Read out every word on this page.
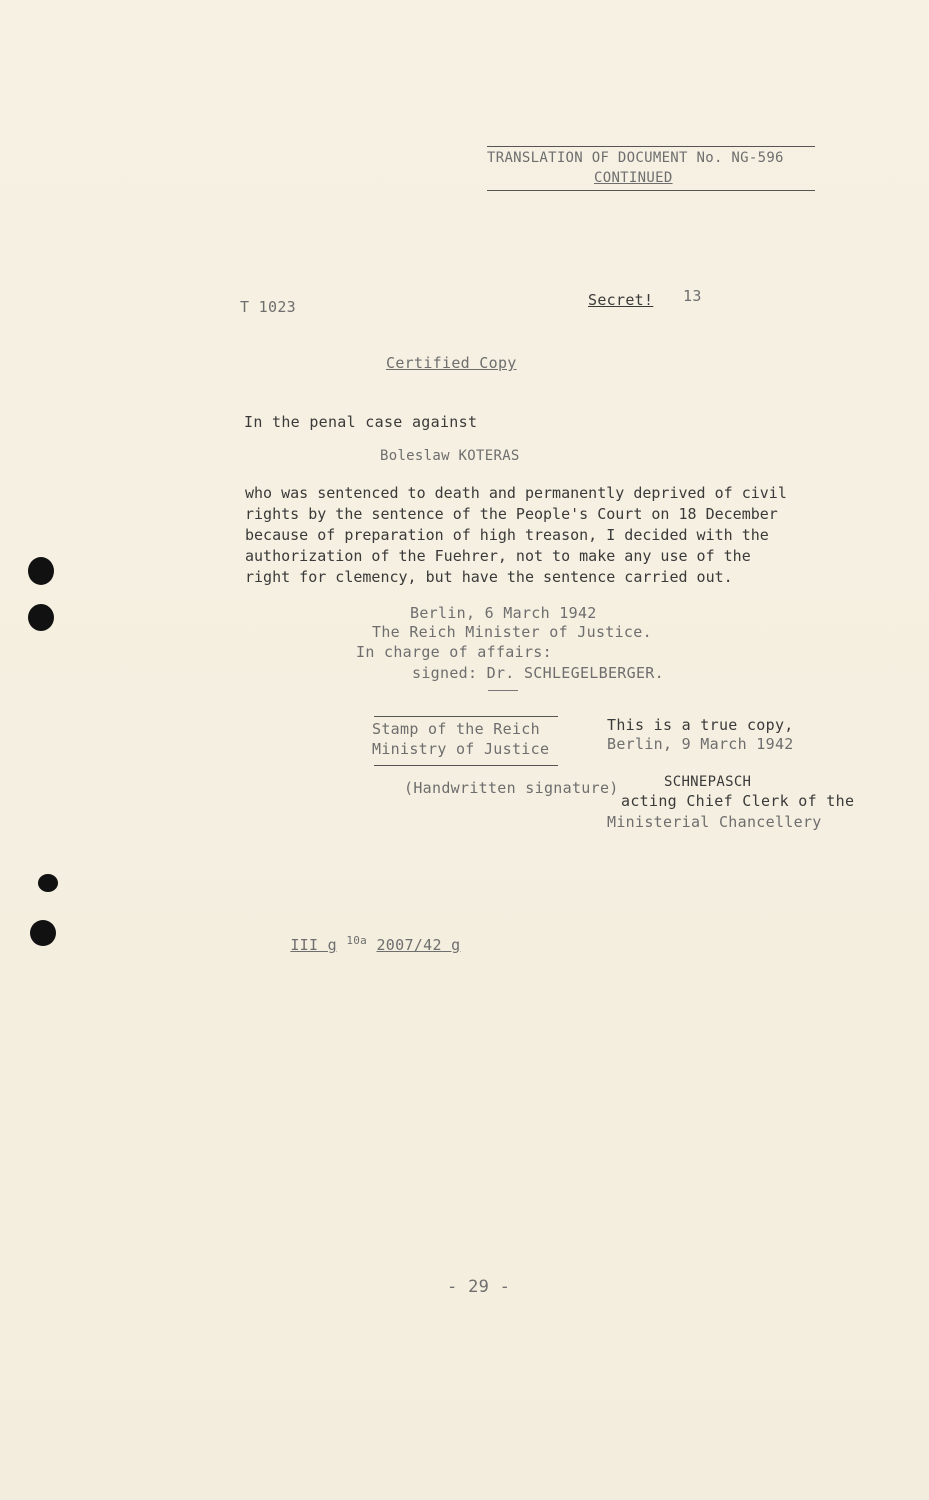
TRANSLATION OF DOCUMENT No. NG-596
CONTINUED
T 1023	Secret! 13
Certified Copy
In the penal case against
Boleslaw KOTERAS
who was sentenced to death and permanently deprived of civil
rights by the sentence of the People's Court on 18 December
because of preparation of high treason, I decided with the
authorization of the Fuehrer, not to make any use of the
right for clemency, but have the sentence carried out.
Berlin, 6 March 1942
The Reich Minister of Justice.
In charge of affairs:
signed: Dr. SCHLEGELBERGER.
Stamp of the Reich
Ministry of Justice
This is a true copy,
Berlin, 9 March 1942
(Handwritten signature)	SCHNEPASCH
acting Chief Clerk of the
Ministerial Chancellery

III g $^{10a}$ 2007/42 g

- 29 -
